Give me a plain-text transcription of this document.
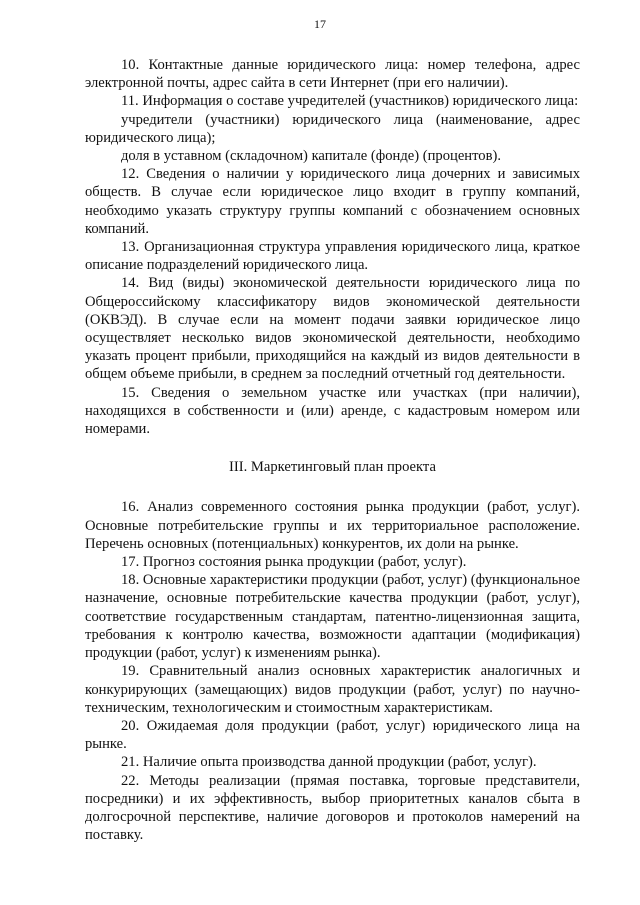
17

10. Контактные данные юридического лица: номер телефона, адрес электронной почты, адрес сайта в сети Интернет (при его наличии).

11. Информация о составе учредителей (участников) юридического лица:

учредители (участники) юридического лица (наименование, адрес юридического лица);

доля в уставном (складочном) капитале (фонде) (процентов).

12. Сведения о наличии у юридического лица дочерних и зависимых обществ. В случае если юридическое лицо входит в группу компаний, необходимо указать структуру группы компаний с обозначением основных компаний.

13. Организационная структура управления юридического лица, краткое описание подразделений юридического лица.

14. Вид (виды) экономической деятельности юридического лица по Общероссийскому классификатору видов экономической деятельности (ОКВЭД). В случае если на момент подачи заявки юридическое лицо осуществляет несколько видов экономической деятельности, необходимо указать процент прибыли, приходящийся на каждый из видов деятельности в общем объеме прибыли, в среднем за последний отчетный год деятельности.

15. Сведения о земельном участке или участках (при наличии), находящихся в собственности и (или) аренде, с кадастровым номером или номерами.

III. Маркетинговый план проекта

16. Анализ современного состояния рынка продукции (работ, услуг). Основные потребительские группы и их территориальное расположение. Перечень основных (потенциальных) конкурентов, их доли на рынке.

17. Прогноз состояния рынка продукции (работ, услуг).

18. Основные характеристики продукции (работ, услуг) (функциональное назначение, основные потребительские качества продукции (работ, услуг), соответствие государственным стандартам, патентно-лицензионная защита, требования к контролю качества, возможности адаптации (модификация) продукции (работ, услуг) к изменениям рынка).

19. Сравнительный анализ основных характеристик аналогичных и конкурирующих (замещающих) видов продукции (работ, услуг) по научно-техническим, технологическим и стоимостным характеристикам.

20. Ожидаемая доля продукции (работ, услуг) юридического лица на рынке.

21. Наличие опыта производства данной продукции (работ, услуг).

22. Методы реализации (прямая поставка, торговые представители, посредники) и их эффективность, выбор приоритетных каналов сбыта в долгосрочной перспективе, наличие договоров и протоколов намерений на поставку.
